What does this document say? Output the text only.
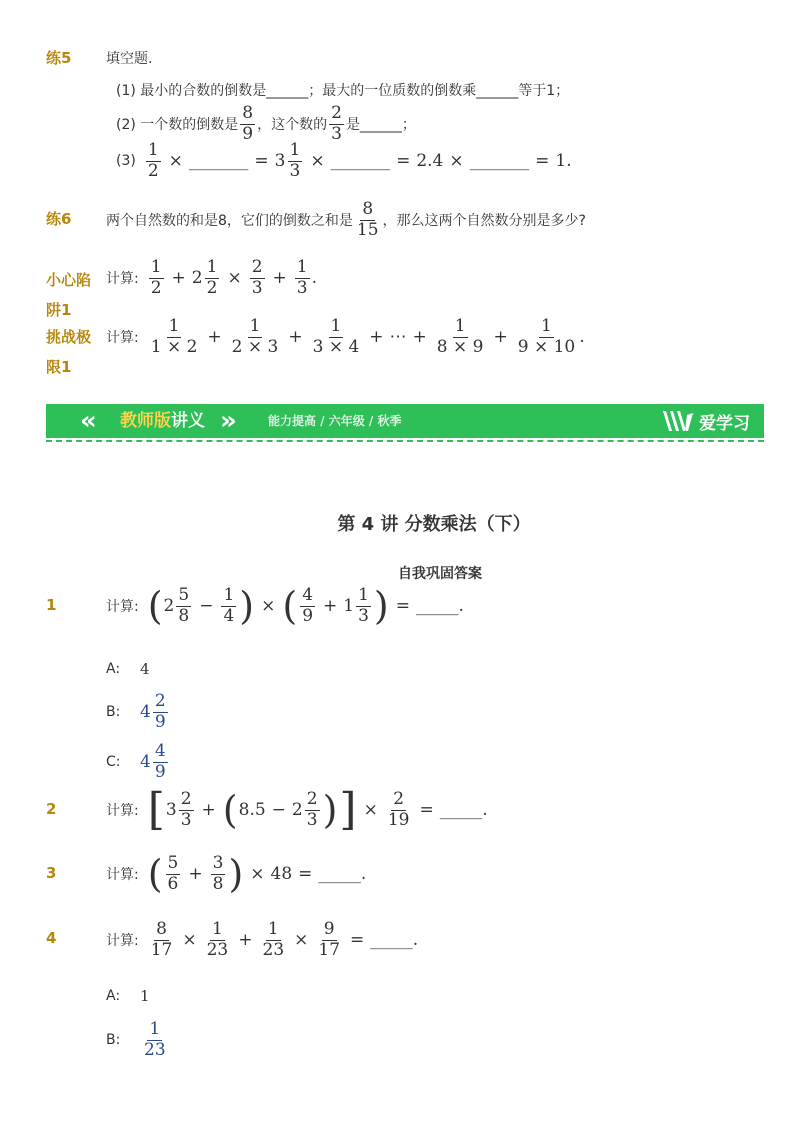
练5 填空题.
(1) 最小的合数的倒数是______；最大的一位质数的倒数乘______等于1；
(2) 一个数的倒数是 $\frac{8}{9}$ ，这个数的 $\frac{2}{3}$ 是______；
$(3) \frac{1}{2}$ × _______ = $3 \frac{1}{3}$ × _______ = 2.4 × _______ = 1.
练6 两个自然数的和是8，它们的倒数之和是 $\frac{8}{15}$ ，那么这两个自然数分别是多少?
小心陷
阱1
计算: $\frac{1}{2} + 2 \frac{1}{2} \times \frac{2}{3} + \frac{1}{3}$ .
挑战极
限1
计算: $\frac{1}{1 \times 2} + \frac{1}{2 \times 3} + \frac{1}{3 \times 4}$ + ⋯ + $\frac{1}{8 \times 9} + \frac{1}{9 \times 10}$ .
« 教师版讲义 »	能力提高 / 六年级 / 秋季	爱学习
第 4 讲 分数乘法（下）
自我巩固答案
1	计算: ( $2 \frac{5}{8} - \frac{1}{4}$ ) × ( $\frac{4}{9} + 1 \frac{1}{3}$ ) = _____.
A:	4
B:	$4 \frac{2}{9}$
C:	$4 \frac{4}{9}$
2	计算: [ $3 \frac{2}{3}$ + ( $8.5 - 2 \frac{2}{3}$ ) ] × $\frac{2}{19}$ = _____.
3	计算: ( $\frac{5}{6} + \frac{3}{8}$ ) × 48 = _____.
4	计算: $\frac{8}{17} \times \frac{1}{23} + \frac{1}{23} \times \frac{9}{17}$ = _____.
A:	1
B:	$\frac{1}{23}$
